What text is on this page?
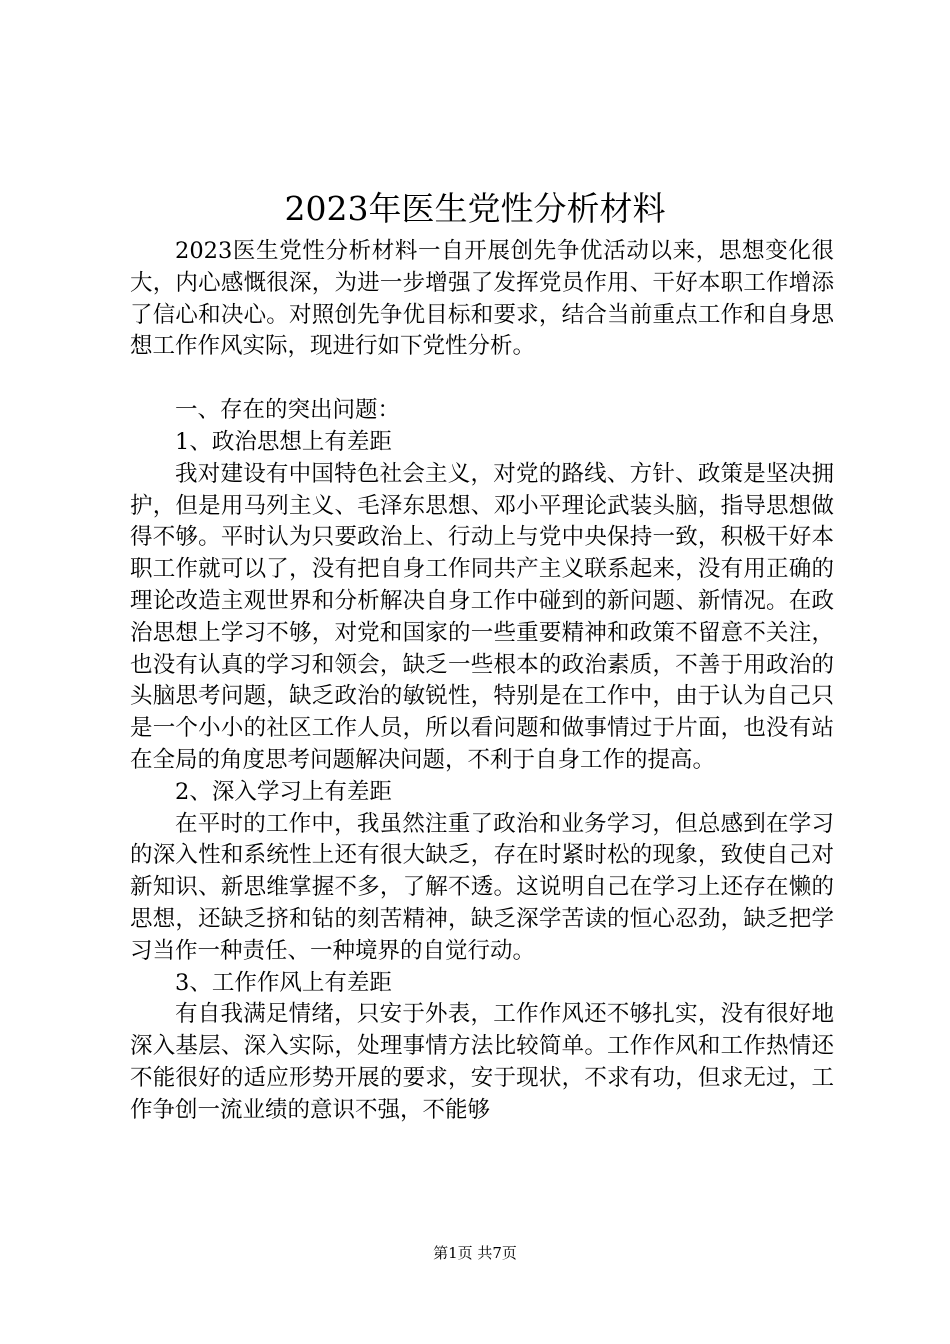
2023年医生党性分析材料

2023医生党性分析材料一自开展创先争优活动以来，思想变化很大，内心感慨很深，为进一步增强了发挥党员作用、干好本职工作增添了信心和决心。对照创先争优目标和要求，结合当前重点工作和自身思想工作作风实际，现进行如下党性分析。

一、存在的突出问题：

1、政治思想上有差距

我对建设有中国特色社会主义，对党的路线、方针、政策是坚决拥护，但是用马列主义、毛泽东思想、邓小平理论武装头脑，指导思想做得不够。平时认为只要政治上、行动上与党中央保持一致，积极干好本职工作就可以了，没有把自身工作同共产主义联系起来，没有用正确的理论改造主观世界和分析解决自身工作中碰到的新问题、新情况。在政治思想上学习不够，对党和国家的一些重要精神和政策不留意不关注，也没有认真的学习和领会，缺乏一些根本的政治素质，不善于用政治的头脑思考问题，缺乏政治的敏锐性，特别是在工作中，由于认为自己只是一个小小的社区工作人员，所以看问题和做事情过于片面，也没有站在全局的角度思考问题解决问题，不利于自身工作的提高。

2、深入学习上有差距

在平时的工作中，我虽然注重了政治和业务学习，但总感到在学习的深入性和系统性上还有很大缺乏，存在时紧时松的现象，致使自己对新知识、新思维掌握不多，了解不透。这说明自己在学习上还存在懒的思想，还缺乏挤和钻的刻苦精神，缺乏深学苦读的恒心忍劲，缺乏把学习当作一种责任、一种境界的自觉行动。

3、工作作风上有差距

有自我满足情绪，只安于外表，工作作风还不够扎实，没有很好地深入基层、深入实际，处理事情方法比较简单。工作作风和工作热情还不能很好的适应形势开展的要求，安于现状，不求有功，但求无过，工作争创一流业绩的意识不强，不能够

第1页 共7页
